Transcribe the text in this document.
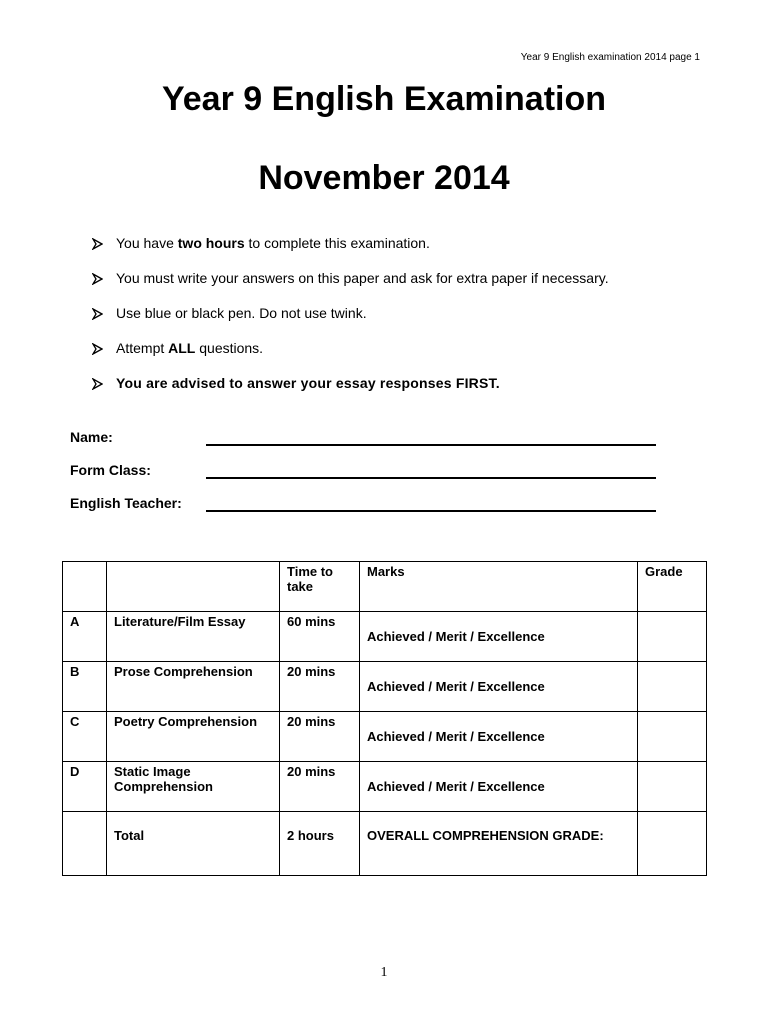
Year 9 English examination 2014 page 1
Year 9 English Examination
November 2014
You have two hours to complete this examination.
You must write your answers on this paper and ask for extra paper if necessary.
Use blue or black pen. Do not use twink.
Attempt ALL questions.
You are advised to answer your essay responses FIRST.
Name:
Form Class:
English Teacher:
		Time to take	Marks	Grade
A	Literature/Film Essay	60 mins	Achieved / Merit / Excellence	

B	Prose Comprehension	20 mins	Achieved / Merit / Excellence	

C	Poetry Comprehension	20 mins	Achieved / Merit / Excellence	

D	Static Image Comprehension	20 mins	Achieved / Merit / Excellence	

	Total	2 hours	OVERALL COMPREHENSION GRADE:	
1
